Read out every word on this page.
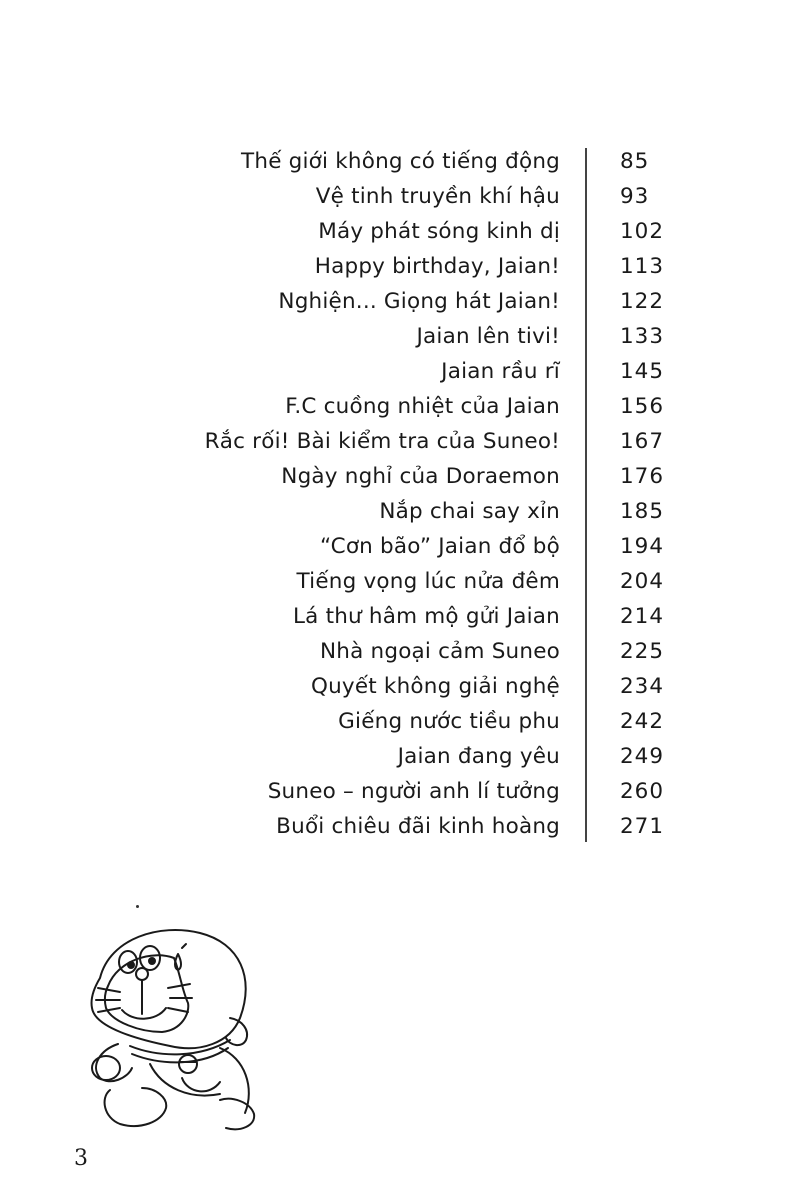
Thế giới không có tiếng động	85
Vệ tinh truyền khí hậu	93
Máy phát sóng kinh dị	102
Happy birthday, Jaian!	113
Nghiện... Giọng hát Jaian!	122
Jaian lên tivi!	133
Jaian rầu rĩ	145
F.C cuồng nhiệt của Jaian	156
Rắc rối! Bài kiểm tra của Suneo!	167
Ngày nghỉ của Doraemon	176
Nắp chai say xỉn	185
“Cơn bão” Jaian đổ bộ	194
Tiếng vọng lúc nửa đêm	204
Lá thư hâm mộ gửi Jaian	214
Nhà ngoại cảm Suneo	225
Quyết không giải nghệ	234
Giếng nước tiều phu	242
Jaian đang yêu	249
Suneo – người anh lí tưởng	260
Buổi chiêu đãi kinh hoàng	271
3
